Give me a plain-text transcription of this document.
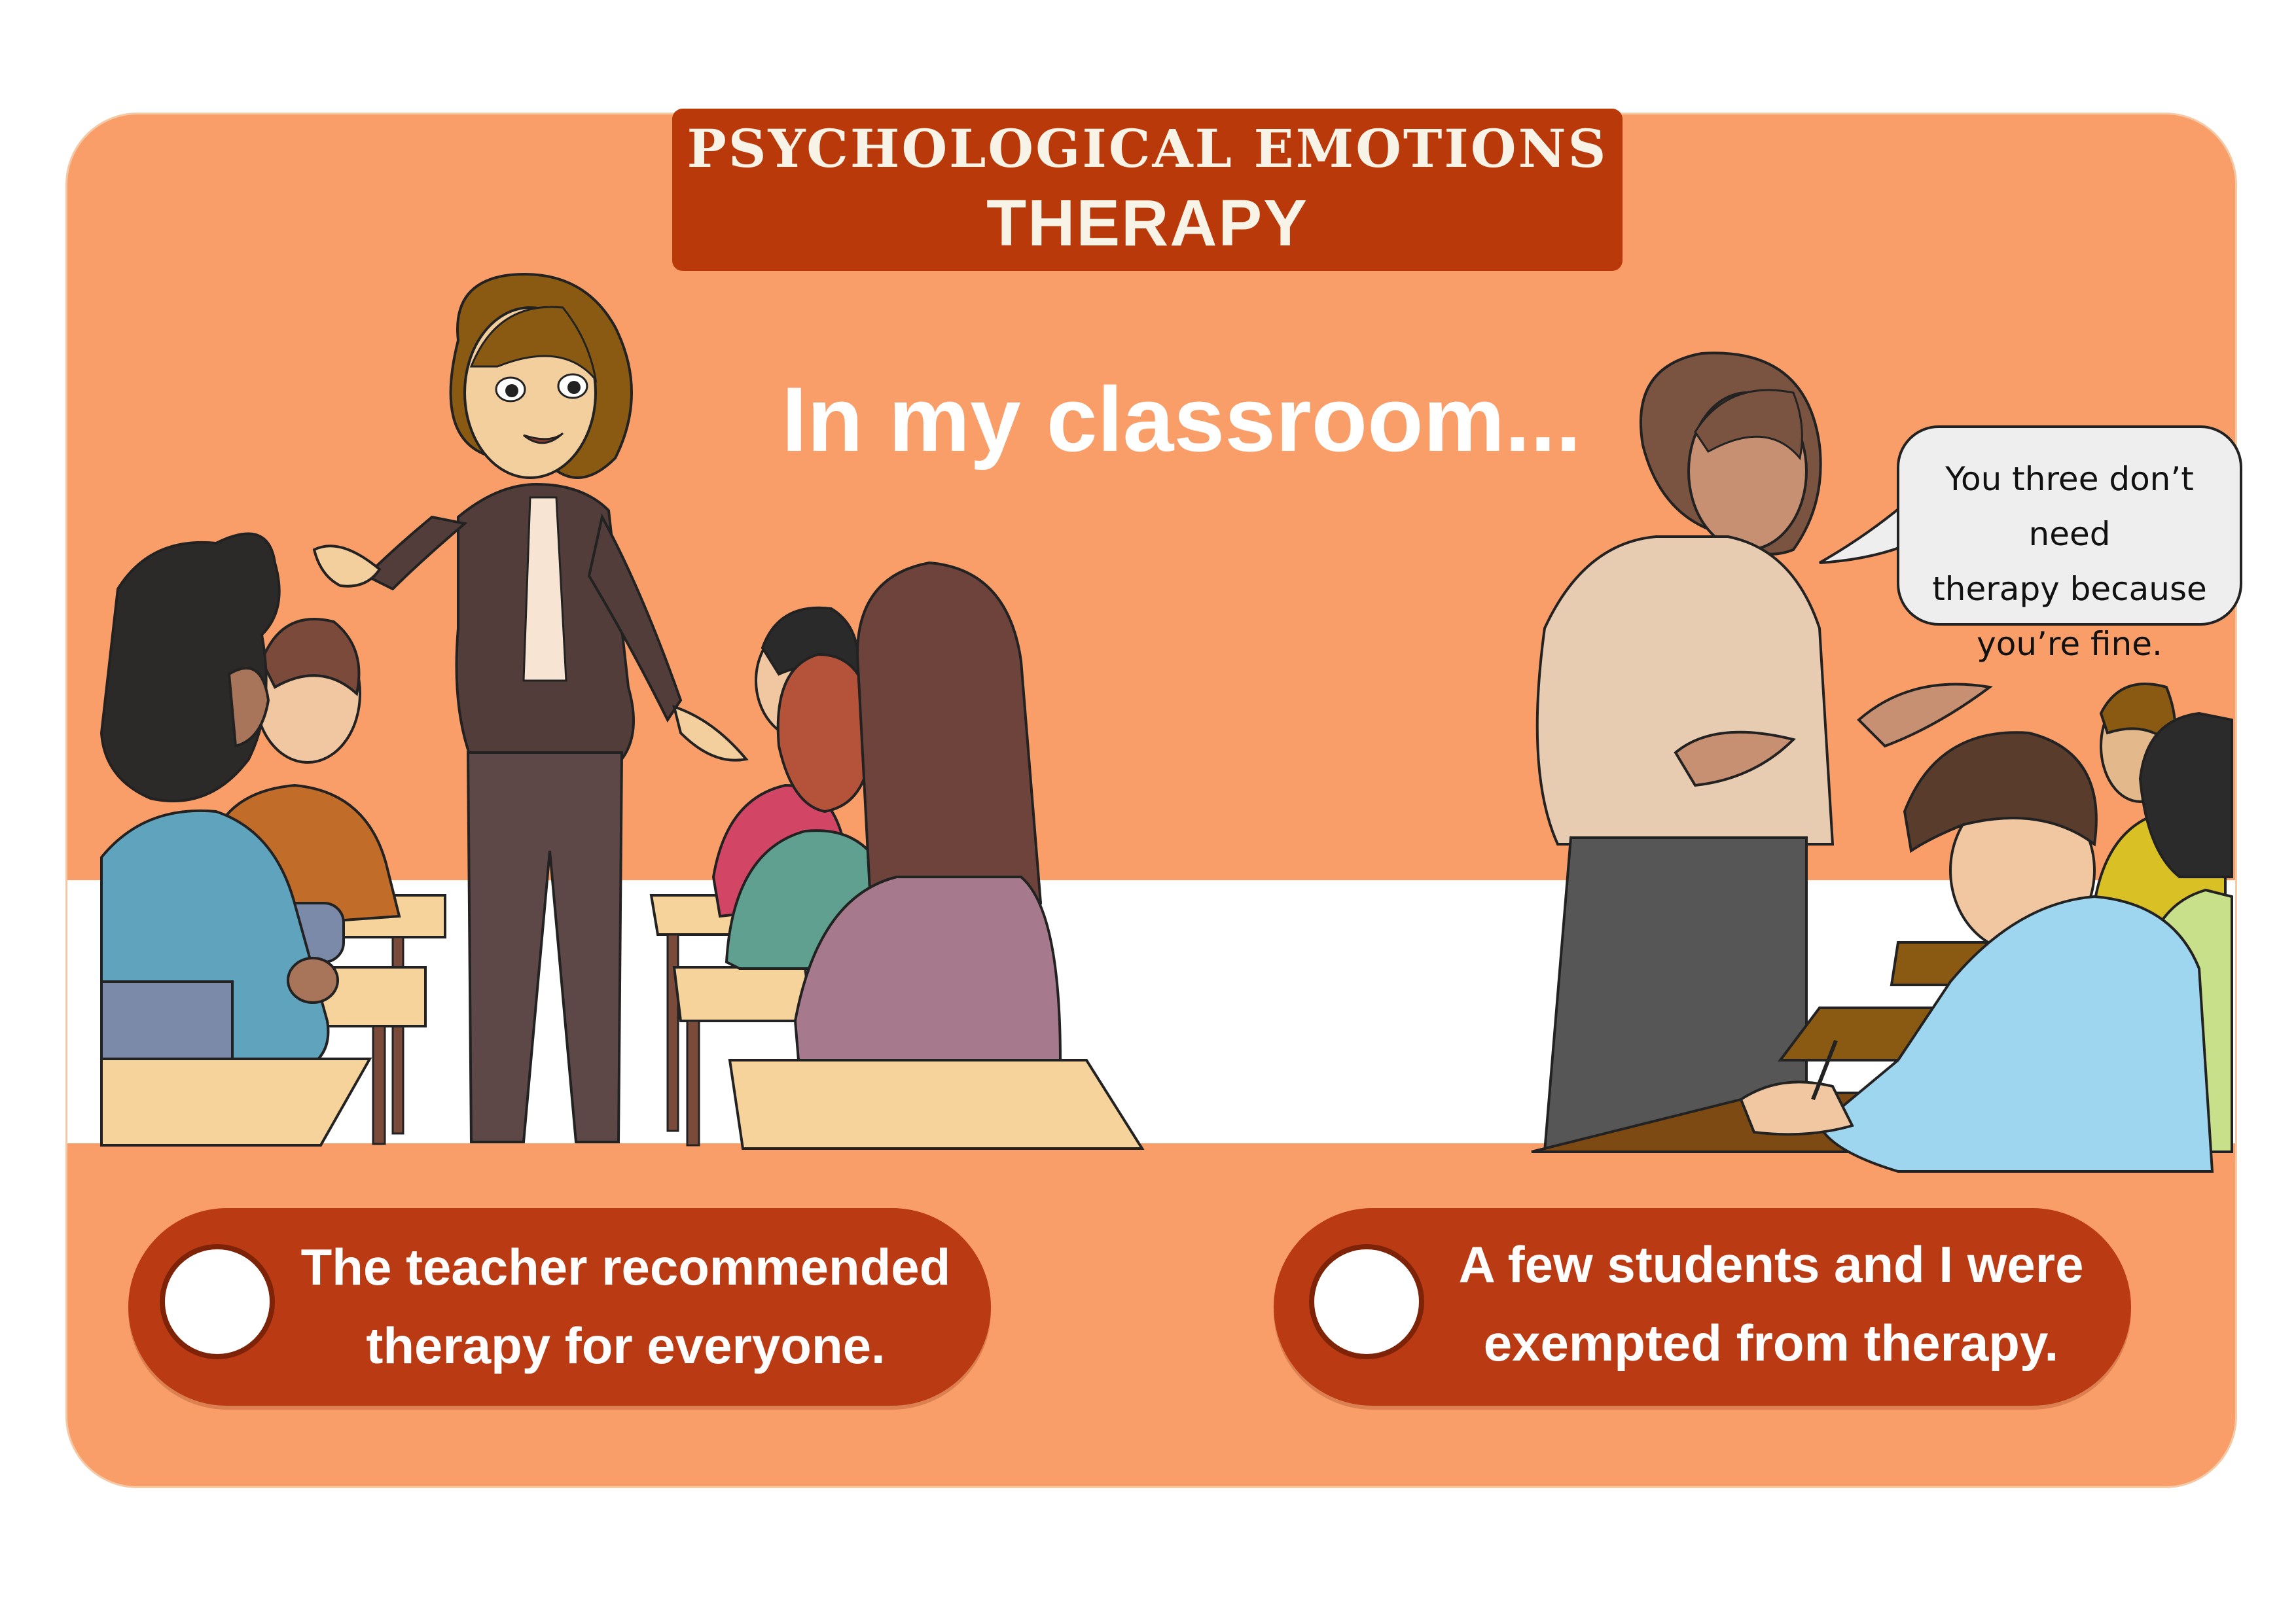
PSYCHOLOGICAL EMOTIONS
THERAPY
In my classroom...
You three don’t need
therapy because
you’re fine.
The teacher recommended
therapy for everyone.
A few students and I were
exempted from therapy.
